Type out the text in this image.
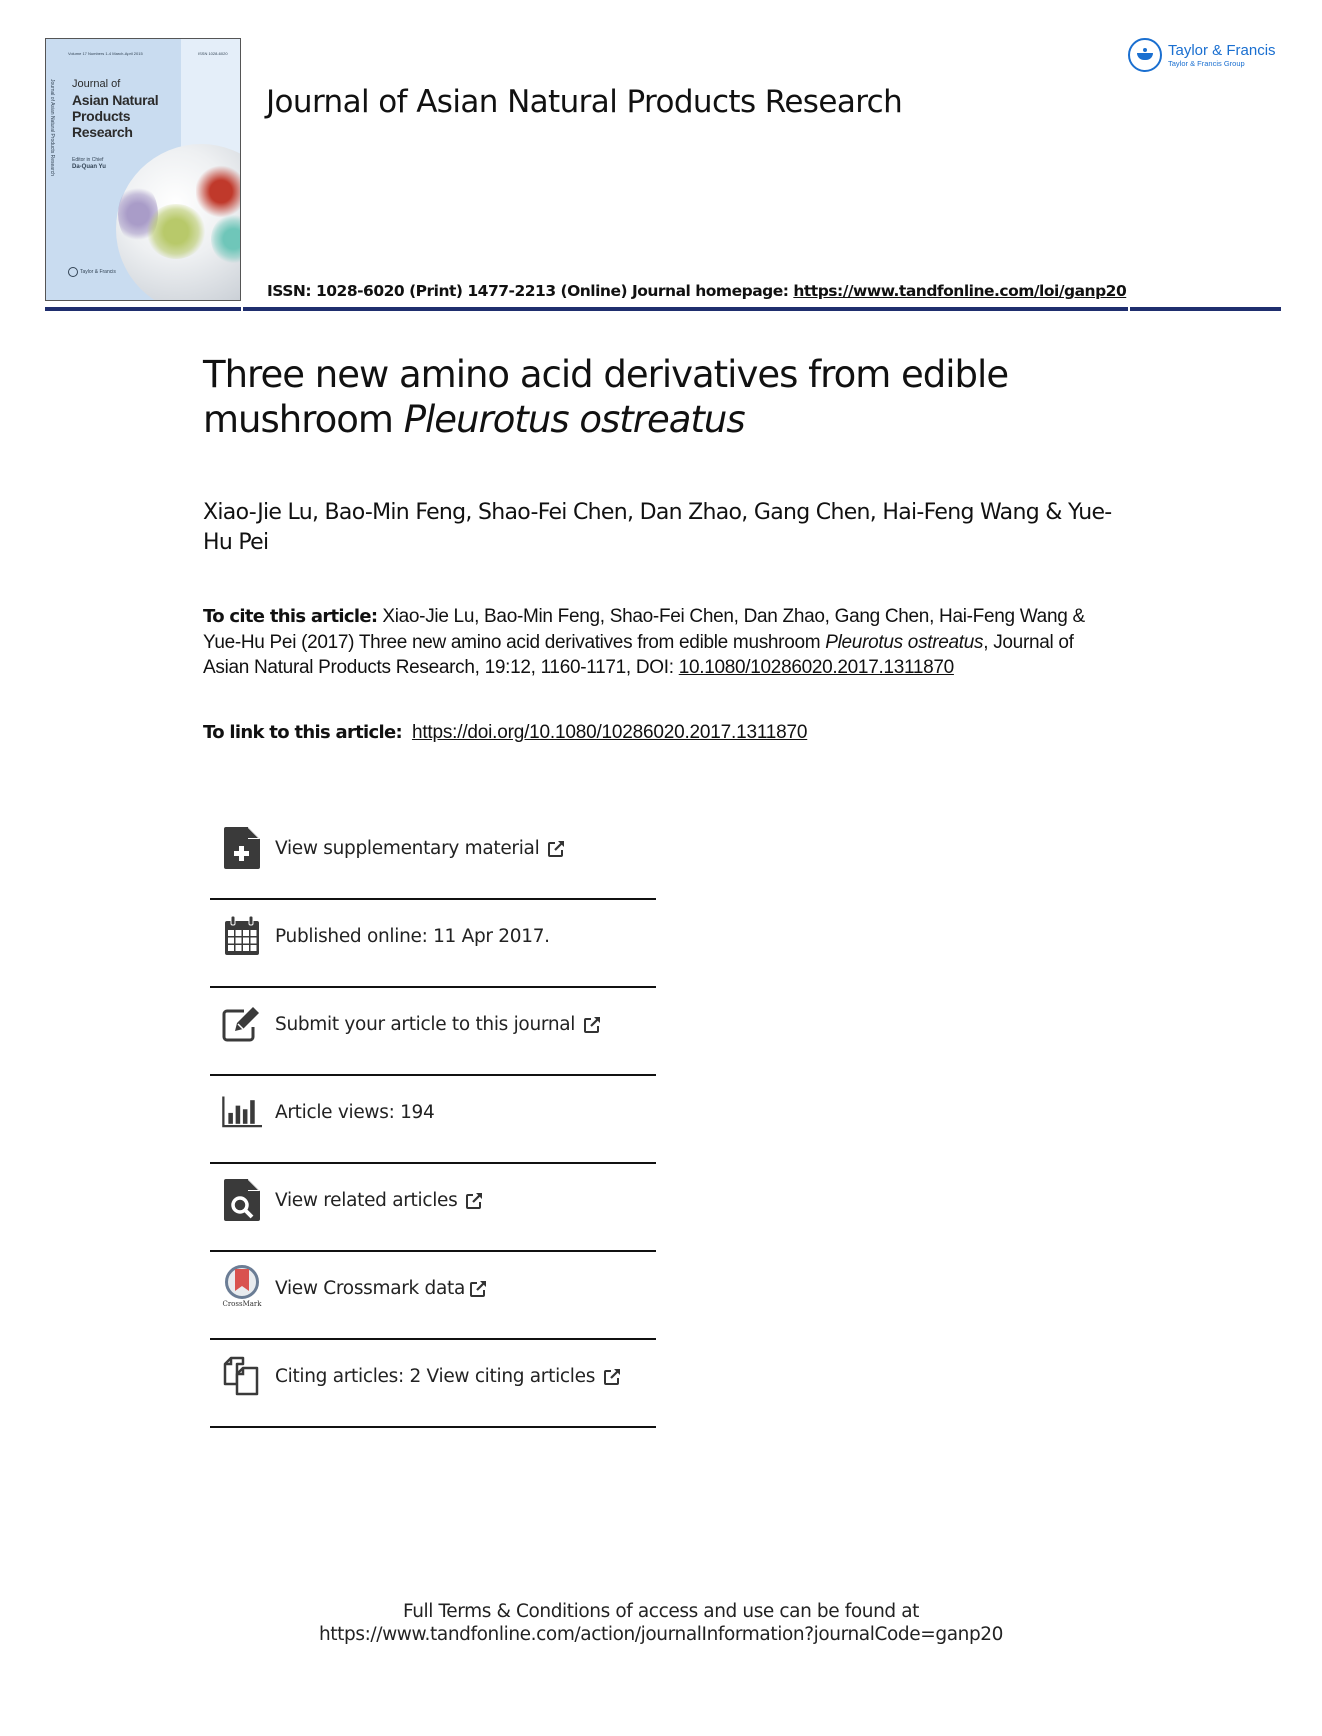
Journal of Asian Natural Products Research
Volume 17 Numbers 1-4 March-April 2015	ISSN 1028-6020
Journal of
Asian Natural
Products
Research
Editor in Chief
Da-Quan Yu
Taylor & Francis
Taylor & Francis
Taylor & Francis Group
Journal of Asian Natural Products Research
ISSN: 1028-6020 (Print) 1477-2213 (Online) Journal homepage: https://www.tandfonline.com/loi/ganp20
Three new amino acid derivatives from edible mushroom Pleurotus ostreatus
Xiao-Jie Lu, Bao-Min Feng, Shao-Fei Chen, Dan Zhao, Gang Chen, Hai-Feng Wang & Yue-Hu Pei
To cite this article: Xiao-Jie Lu, Bao-Min Feng, Shao-Fei Chen, Dan Zhao, Gang Chen, Hai-Feng Wang & Yue-Hu Pei (2017) Three new amino acid derivatives from edible mushroom Pleurotus ostreatus, Journal of Asian Natural Products Research, 19:12, 1160-1171, DOI: 10.1080/10286020.2017.1311870
To link to this article: https://doi.org/10.1080/10286020.2017.1311870
View supplementary material
Published online: 11 Apr 2017.
Submit your article to this journal
Article views: 194
View related articles
CrossMark
View Crossmark data
Citing articles: 2 View citing articles
Full Terms & Conditions of access and use can be found at
https://www.tandfonline.com/action/journalInformation?journalCode=ganp20
